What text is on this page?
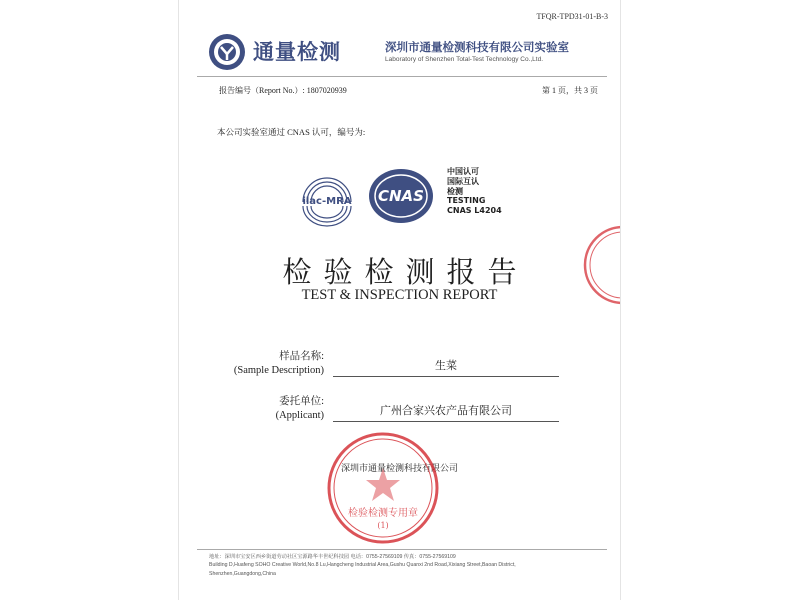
TFQR-TPD31-01-B-3
通量检测	深圳市通量检测科技有限公司实验室
Laboratory of Shenzhen Total-Test Technology Co.,Ltd.
报告编号（Report No.）: 1807020939	第 1 页，共 3 页
本公司实验室通过 CNAS 认可，编号为:
ilac-MRA CNAS
中国认可
国际互认
检测
TESTING
CNAS L4204
检验检测报告
TEST & INSPECTION REPORT
样品名称:
(Sample Description)	生菜
委托单位:
(Applicant)	广州合家兴农产品有限公司
深圳市通量检测科技有限公司
检验检测专用章
(1)
地址：深圳市宝安区西乡街道劳动社区宝源路华丰世纪科技园 电话：0755-27569109 传真：0755-27569109
Building D,Huafeng SOHO Creative World,No.8 Lu,Hangcheng Industrial Area,Gushu Quanxi 2nd Road,Xixiang Street,Baoan District,
Shenzhen,Guangdong,China
